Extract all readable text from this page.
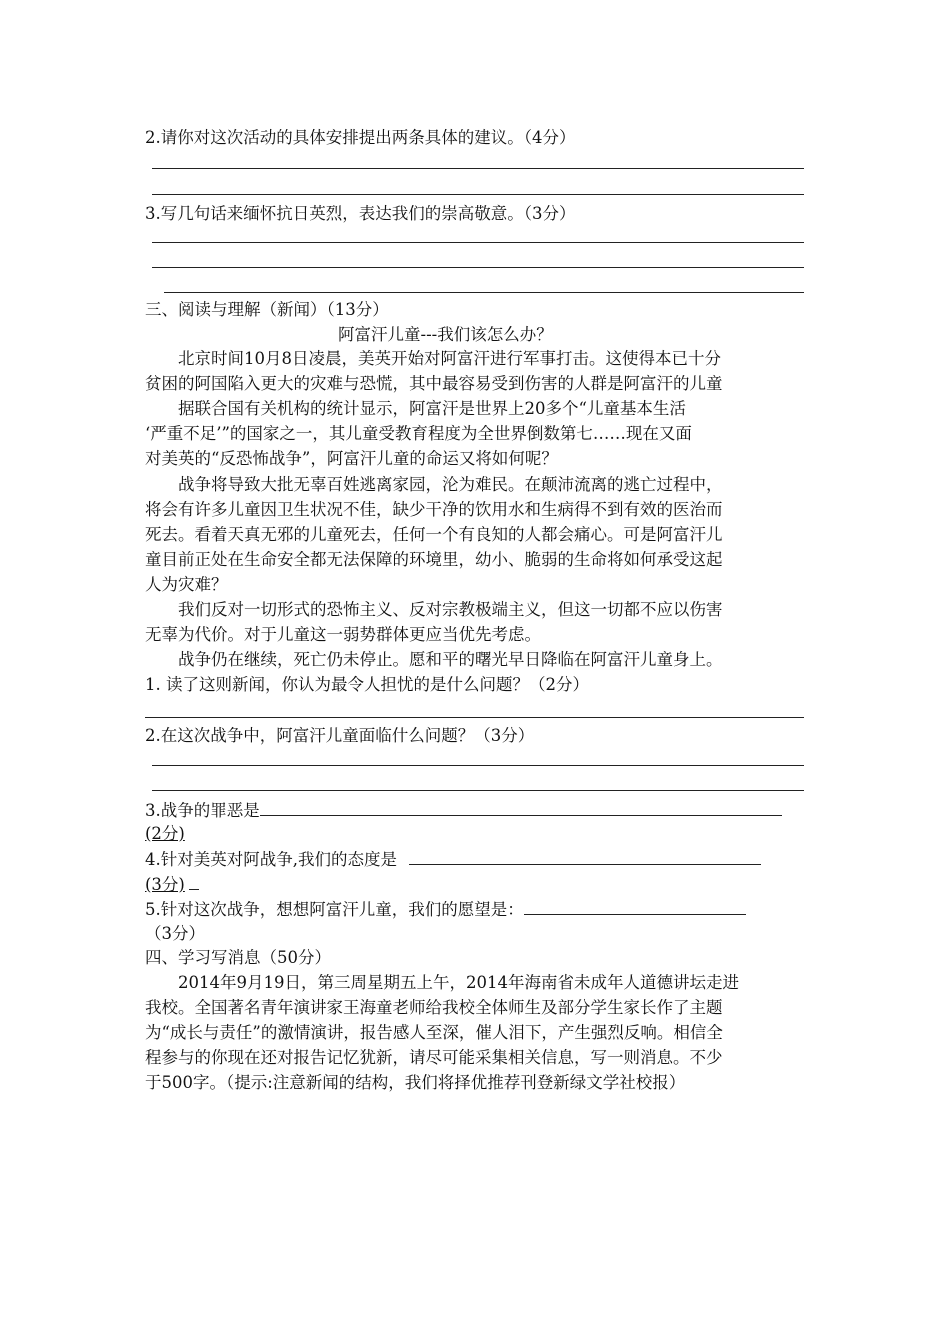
2.请你对这次活动的具体安排提出两条具体的建议。（4分）
3.写几句话来缅怀抗日英烈，表达我们的崇高敬意。（3分）
三、阅读与理解（新闻）（13分）
阿富汗儿童---我们该怎么办？
　　北京时间10月8日凌晨，美英开始对阿富汗进行军事打击。这使得本已十分
贫困的阿国陷入更大的灾难与恐慌，其中最容易受到伤害的人群是阿富汗的儿童
　　据联合国有关机构的统计显示，阿富汗是世界上20多个“儿童基本生活
‘严重不足’”的国家之一，其儿童受教育程度为全世界倒数第七……现在又面
对美英的“反恐怖战争”，阿富汗儿童的命运又将如何呢？
　　战争将导致大批无辜百姓逃离家园，沦为难民。在颠沛流离的逃亡过程中，
将会有许多儿童因卫生状况不佳，缺少干净的饮用水和生病得不到有效的医治而
死去。看着天真无邪的儿童死去，任何一个有良知的人都会痛心。可是阿富汗儿
童目前正处在生命安全都无法保障的环境里，幼小、脆弱的生命将如何承受这起
人为灾难？
　　我们反对一切形式的恐怖主义、反对宗教极端主义，但这一切都不应以伤害
无辜为代价。对于儿童这一弱势群体更应当优先考虑。
　　战争仍在继续，死亡仍未停止。愿和平的曙光早日降临在阿富汗儿童身上。
1. 读了这则新闻，你认为最令人担忧的是什么问题？（2分）
2.在这次战争中，阿富汗儿童面临什么问题？（3分）
3.战争的罪恶是
(2分)
4.针对美英对阿战争,我们的态度是
(3分)
5.针对这次战争，想想阿富汗儿童，我们的愿望是：
（3分）
四、学习写消息（50分）
　　2014年9月19日，第三周星期五上午，2014年海南省未成年人道德讲坛走进
我校。全国著名青年演讲家王海童老师给我校全体师生及部分学生家长作了主题
为“成长与责任”的激情演讲，报告感人至深，催人泪下，产生强烈反响。相信全
程参与的你现在还对报告记忆犹新，请尽可能采集相关信息，写一则消息。不少
于500字。（提示:注意新闻的结构，我们将择优推荐刊登新绿文学社校报）
